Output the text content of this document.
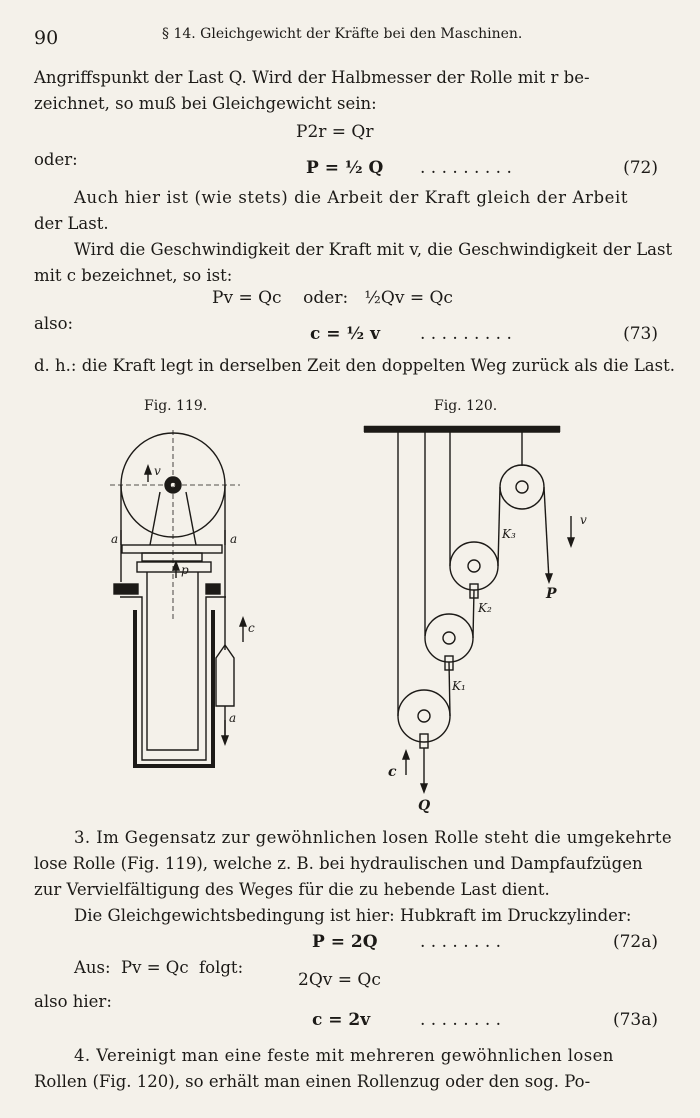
90	§ 14. Gleichgewicht der Kräfte bei den Maschinen.
Angriffspunkt der Last Q. Wird der Halbmesser der Rolle mit r be-
zeichnet, so muß bei Gleichgewicht sein:
P2r = Qr
oder:	P = ½ Q . . . . . . . . .	(72)
Auch hier ist (wie stets) die Arbeit der Kraft gleich der Arbeit
der Last.
Wird die Geschwindigkeit der Kraft mit v, die Geschwindigkeit der Last
mit c bezeichnet, so ist:
Pv = Qc    oder:   ½Qv = Qc
also:
c = ½ v . . . . . . . . .	(73)
d. h.: die Kraft legt in derselben Zeit den doppelten Weg zurück als die Last.
Fig. 119.	Fig. 120.
v
a	a
p
c
a
K₃
K₂
K₁
v
P
c
Q
3. Im Gegensatz zur gewöhnlichen losen Rolle steht die umgekehrte
lose Rolle (Fig. 119), welche z. B. bei hydraulischen und Dampfaufzügen
zur Vervielfältigung des Weges für die zu hebende Last dient.
Die Gleichgewichtsbedingung ist hier: Hubkraft im Druckzylinder:
P = 2Q . . . . . . . .	(72a)
Aus:  Pv = Qc  folgt:
2Qv = Qc
also hier:
c = 2v	. . . . . . . .	(73a)
4. Vereinigt man eine feste mit mehreren gewöhnlichen losen
Rollen (Fig. 120), so erhält man einen Rollenzug oder den sog. Po-
